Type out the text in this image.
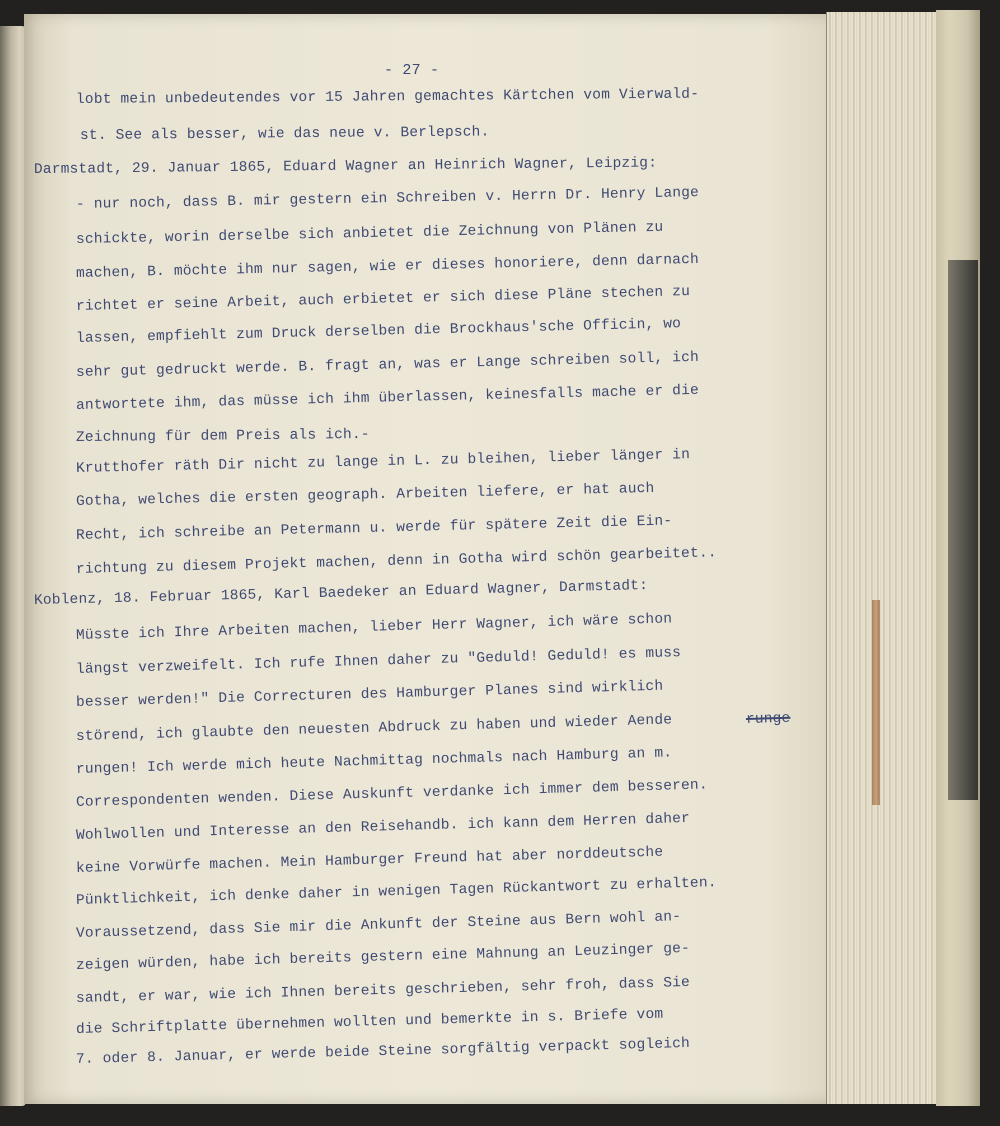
- 27 -
lobt mein unbedeutendes vor 15 Jahren gemachtes Kärtchen vom Vierwald-
st. See als besser, wie das neue v. Berlepsch.
Darmstadt, 29. Januar 1865, Eduard Wagner an Heinrich Wagner, Leipzig:
- nur noch, dass B. mir gestern ein Schreiben v. Herrn Dr. Henry Lange
schickte, worin derselbe sich anbietet die Zeichnung von Plänen zu
machen, B. möchte ihm nur sagen, wie er dieses honoriere, denn darnach
richtet er seine Arbeit, auch erbietet er sich diese Pläne stechen zu
lassen, empfiehlt zum Druck derselben die Brockhaus'sche Officin, wo
sehr gut gedruckt werde. B. fragt an, was er Lange schreiben soll, ich
antwortete ihm, das müsse ich ihm überlassen, keinesfalls mache er die
Zeichnung für dem Preis als ich.-
Krutthofer räth Dir nicht zu lange in L. zu bleihen, lieber länger in
Gotha, welches die ersten geograph. Arbeiten liefere, er hat auch
Recht, ich schreibe an Petermann u. werde für spätere Zeit die Ein-
richtung zu diesem Projekt machen, denn in Gotha wird schön gearbeitet..
Koblenz, 18. Februar 1865, Karl Baedeker an Eduard Wagner, Darmstadt:
Müsste ich Ihre Arbeiten machen, lieber Herr Wagner, ich wäre schon
längst verzweifelt. Ich rufe Ihnen daher zu "Geduld! Geduld! es muss
besser werden!" Die Correcturen des Hamburger Planes sind wirklich
störend, ich glaubte den neuesten Abdruck zu haben und wieder Aende	runge
rungen! Ich werde mich heute Nachmittag nochmals nach Hamburg an m.
Correspondenten wenden. Diese Auskunft verdanke ich immer dem besseren.
Wohlwollen und Interesse an den Reisehandb. ich kann dem Herren daher
keine Vorwürfe machen. Mein Hamburger Freund hat aber norddeutsche
Pünktlichkeit, ich denke daher in wenigen Tagen Rückantwort zu erhalten.
Voraussetzend, dass Sie mir die Ankunft der Steine aus Bern wohl an-
zeigen würden, habe ich bereits gestern eine Mahnung an Leuzinger ge-
sandt, er war, wie ich Ihnen bereits geschrieben, sehr froh, dass Sie
die Schriftplatte übernehmen wollten und bemerkte in s. Briefe vom
7. oder 8. Januar, er werde beide Steine sorgfältig verpackt sogleich
